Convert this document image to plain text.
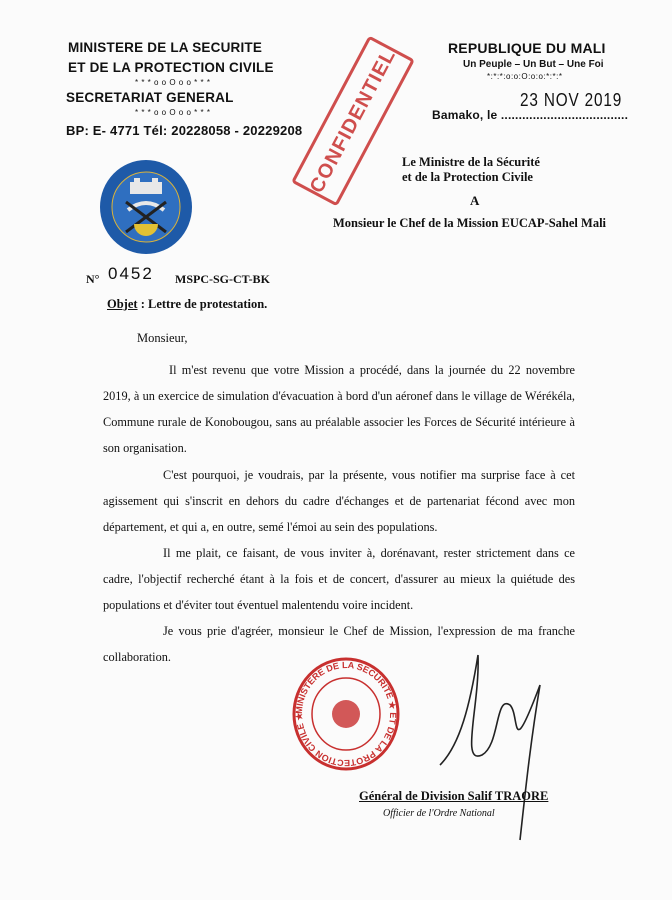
MINISTERE DE LA SECURITE
ET DE LA PROTECTION CIVILE
* * * o o O o o * * *
SECRETARIAT GENERAL
* * * o o O o o * * *
BP: E- 4771 Tél: 20228058 - 20229208
REPUBLIQUE DU MALI
Un Peuple – Un But – Une Foi
*:*:*:o:o:O:o:o:*:*:*
Bamako, le ....................................
23 NOV 2019
CONFIDENTIEL Le Ministre de la Sécurité
et de la Protection Civile
A
Monsieur le Chef de la Mission EUCAP-Sahel Mali
N° 0452 MSPC-SG-CT-BK
Objet : Lettre de protestation.
Monsieur,
Il m'est revenu que votre Mission a procédé, dans la journée du 22 novembre 2019, à un exercice de simulation d'évacuation à bord d'un aéronef dans le village de Wérékéla, Commune rurale de Konobougou, sans au préalable associer les Forces de Sécurité intérieure à son organisation.
C'est pourquoi, je voudrais, par la présente, vous notifier ma surprise face à cet agissement qui s'inscrit en dehors du cadre d'échanges et de partenariat fécond avec mon département, et qui a, en outre, semé l'émoi au sein des populations.
Il me plait, ce faisant, de vous inviter à, dorénavant, rester strictement dans ce cadre, l'objectif recherché étant à la fois et de concert, d'assurer au mieux la quiétude des populations et d'éviter tout éventuel malentendu voire incident.
Je vous prie d'agréer, monsieur le Chef de Mission, l'expression de ma franche collaboration.
MINISTERE DE LA SECURITE ★ ET DE LA PROTECTION CIVILE ★
Général de Division Salif TRAORE
Officier de l'Ordre National
